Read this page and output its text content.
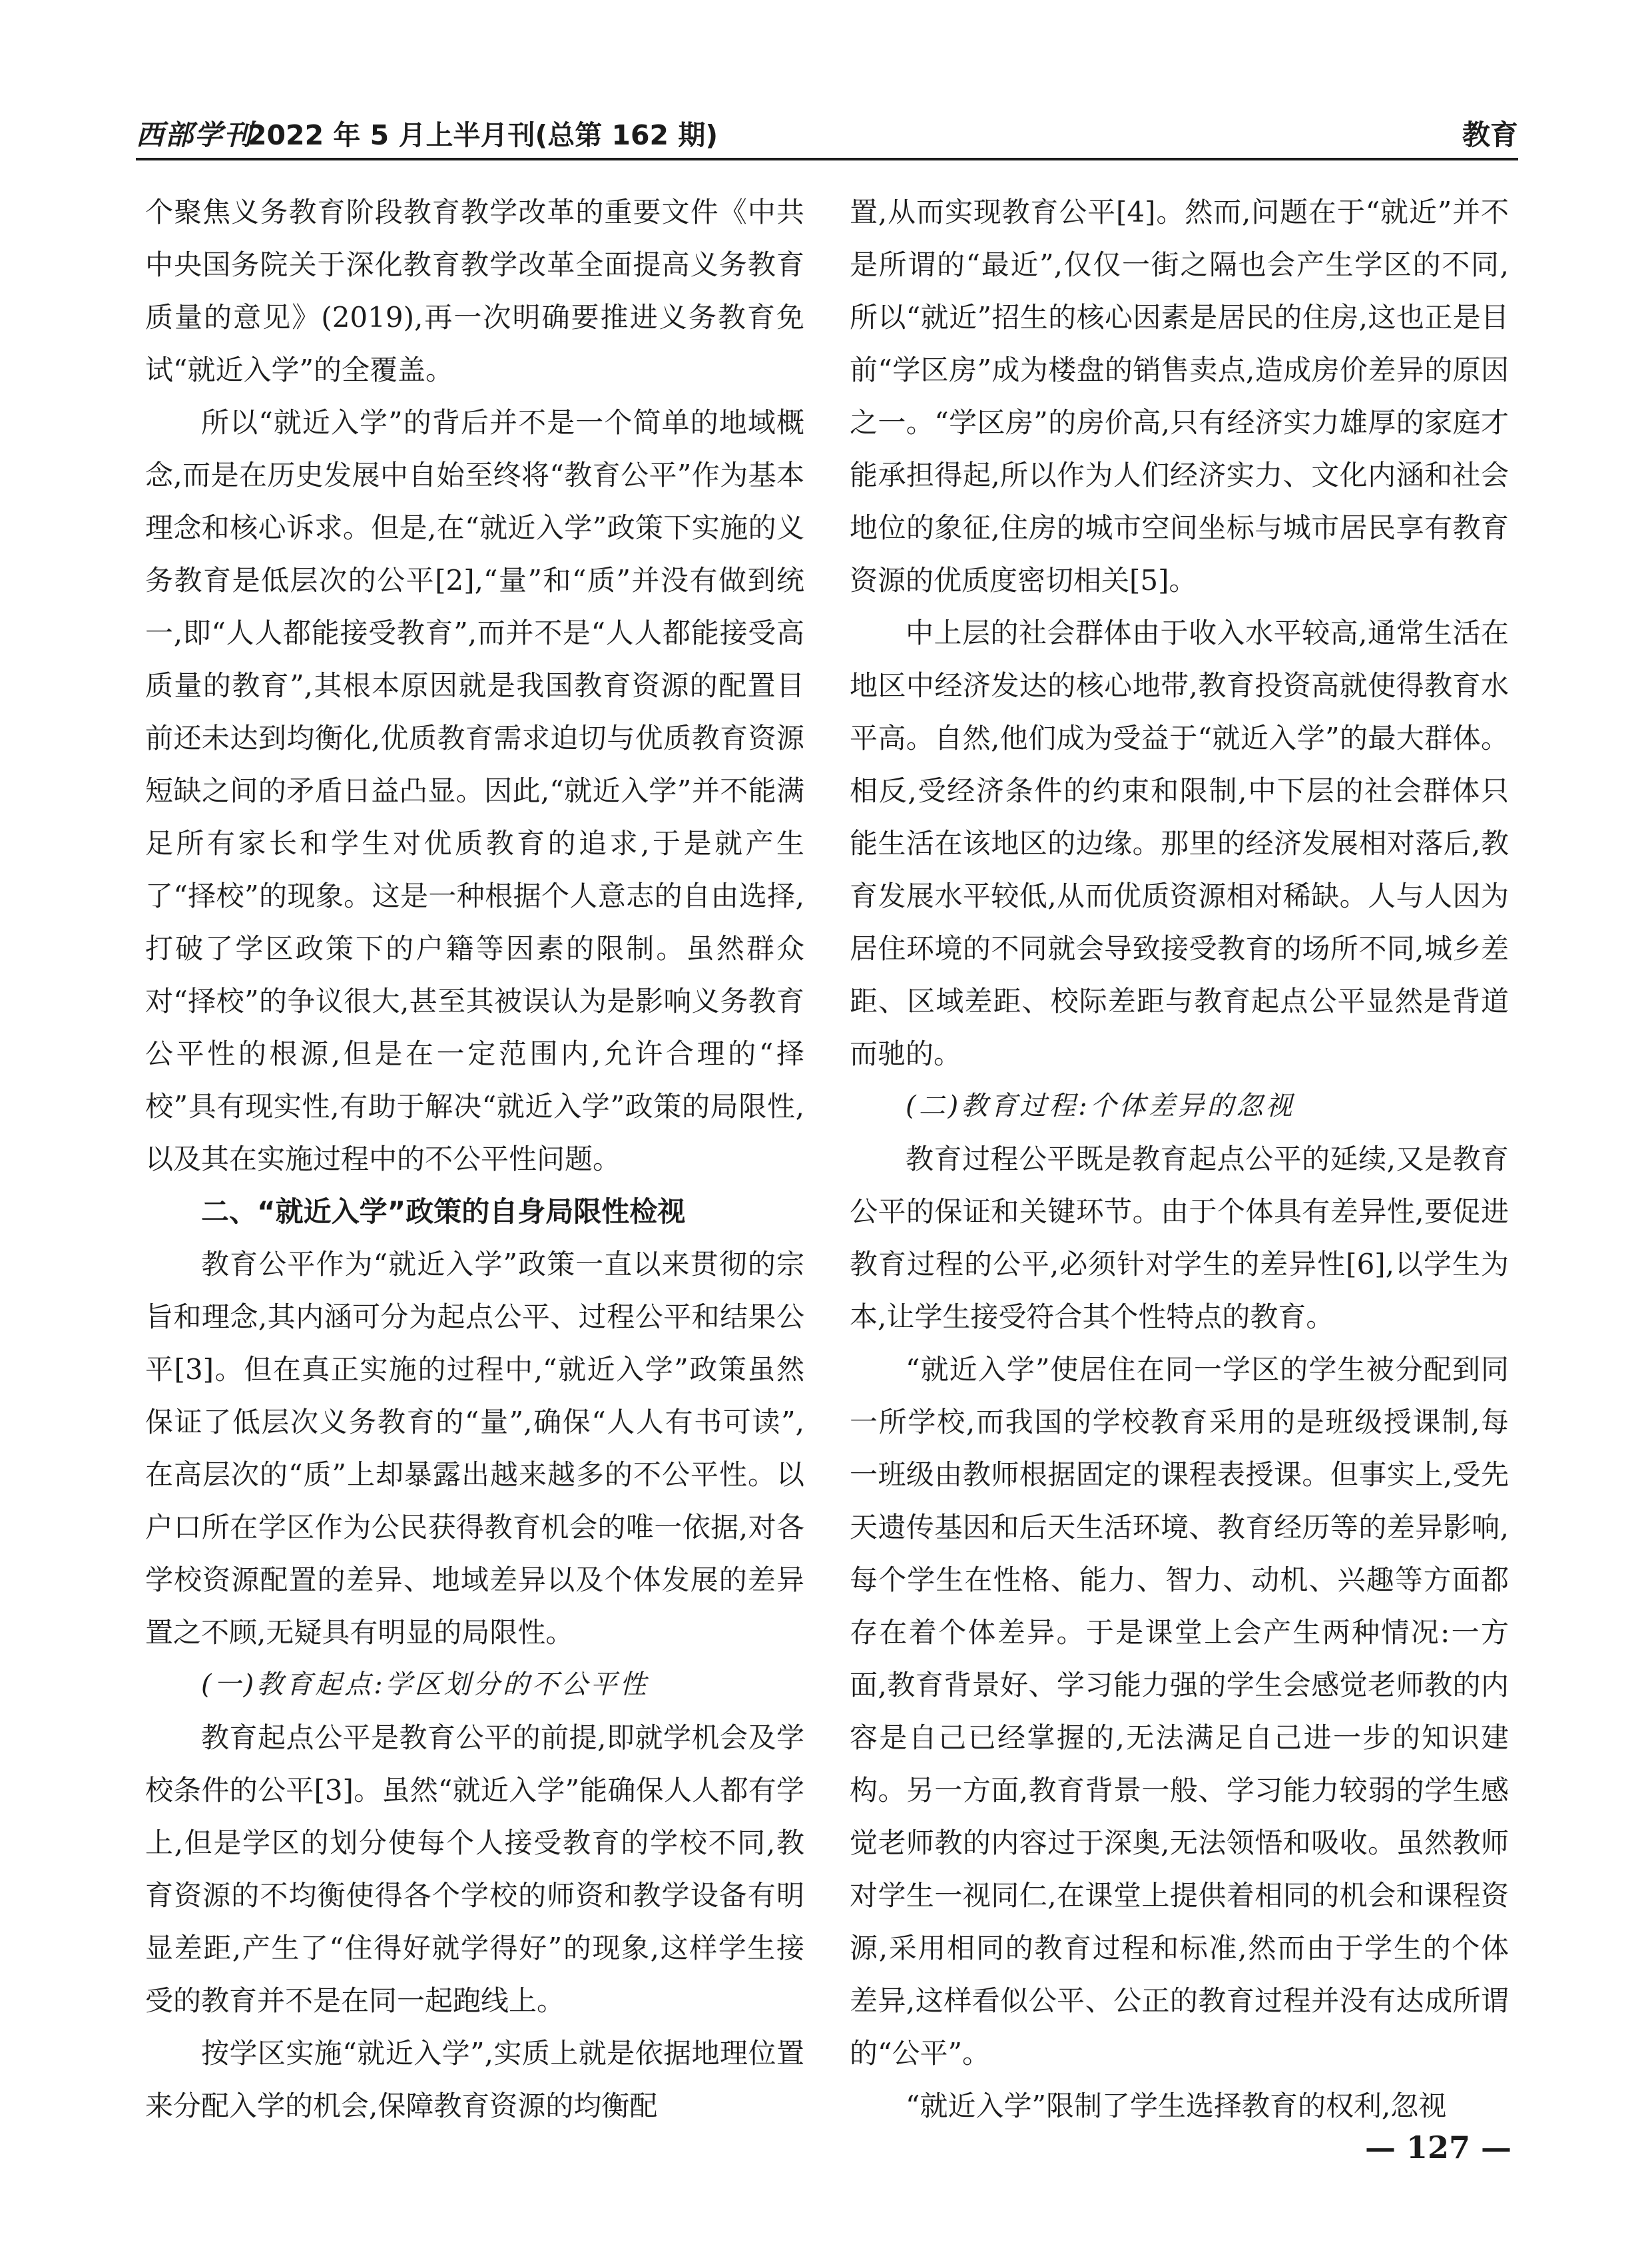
西部学刊
2022 年 5 月上半月刊(总第 162 期)	教育

个聚焦义务教育阶段教育教学改革的重要文件《中共中央国务院关于深化教育教学改革全面提高义务教育质量的意见》(2019),再一次明确要推进义务教育免试“就近入学”的全覆盖。

所以“就近入学”的背后并不是一个简单的地域概念,而是在历史发展中自始至终将“教育公平”作为基本理念和核心诉求。但是,在“就近入学”政策下实施的义务教育是低层次的公平[2],“量”和“质”并没有做到统一,即“人人都能接受教育”,而并不是“人人都能接受高质量的教育”,其根本原因就是我国教育资源的配置目前还未达到均衡化,优质教育需求迫切与优质教育资源短缺之间的矛盾日益凸显。因此,“就近入学”并不能满足所有家长和学生对优质教育的追求,于是就产生了“择校”的现象。这是一种根据个人意志的自由选择,打破了学区政策下的户籍等因素的限制。虽然群众对“择校”的争议很大,甚至其被误认为是影响义务教育公平性的根源,但是在一定范围内,允许合理的“择校”具有现实性,有助于解决“就近入学”政策的局限性,以及其在实施过程中的不公平性问题。

二、“就近入学”政策的自身局限性检视

教育公平作为“就近入学”政策一直以来贯彻的宗旨和理念,其内涵可分为起点公平、过程公平和结果公平[3]。但在真正实施的过程中,“就近入学”政策虽然保证了低层次义务教育的“量”,确保“人人有书可读”,在高层次的“质”上却暴露出越来越多的不公平性。以户口所在学区作为公民获得教育机会的唯一依据,对各学校资源配置的差异、地域差异以及个体发展的差异置之不顾,无疑具有明显的局限性。

(一)教育起点:学区划分的不公平性

教育起点公平是教育公平的前提,即就学机会及学校条件的公平[3]。虽然“就近入学”能确保人人都有学上,但是学区的划分使每个人接受教育的学校不同,教育资源的不均衡使得各个学校的师资和教学设备有明显差距,产生了“住得好就学得好”的现象,这样学生接受的教育并不是在同一起跑线上。

按学区实施“就近入学”,实质上就是依据地理位置来分配入学的机会,保障教育资源的均衡配

置,从而实现教育公平[4]。然而,问题在于“就近”并不是所谓的“最近”,仅仅一街之隔也会产生学区的不同,所以“就近”招生的核心因素是居民的住房,这也正是目前“学区房”成为楼盘的销售卖点,造成房价差异的原因之一。“学区房”的房价高,只有经济实力雄厚的家庭才能承担得起,所以作为人们经济实力、文化内涵和社会地位的象征,住房的城市空间坐标与城市居民享有教育资源的优质度密切相关[5]。

中上层的社会群体由于收入水平较高,通常生活在地区中经济发达的核心地带,教育投资高就使得教育水平高。自然,他们成为受益于“就近入学”的最大群体。相反,受经济条件的约束和限制,中下层的社会群体只能生活在该地区的边缘。那里的经济发展相对落后,教育发展水平较低,从而优质资源相对稀缺。人与人因为居住环境的不同就会导致接受教育的场所不同,城乡差距、区域差距、校际差距与教育起点公平显然是背道而驰的。

(二)教育过程:个体差异的忽视

教育过程公平既是教育起点公平的延续,又是教育公平的保证和关键环节。由于个体具有差异性,要促进教育过程的公平,必须针对学生的差异性[6],以学生为本,让学生接受符合其个性特点的教育。

“就近入学”使居住在同一学区的学生被分配到同一所学校,而我国的学校教育采用的是班级授课制,每一班级由教师根据固定的课程表授课。但事实上,受先天遗传基因和后天生活环境、教育经历等的差异影响,每个学生在性格、能力、智力、动机、兴趣等方面都存在着个体差异。于是课堂上会产生两种情况:一方面,教育背景好、学习能力强的学生会感觉老师教的内容是自己已经掌握的,无法满足自己进一步的知识建构。另一方面,教育背景一般、学习能力较弱的学生感觉老师教的内容过于深奥,无法领悟和吸收。虽然教师对学生一视同仁,在课堂上提供着相同的机会和课程资源,采用相同的教育过程和标准,然而由于学生的个体差异,这样看似公平、公正的教育过程并没有达成所谓的“公平”。

“就近入学”限制了学生选择教育的权利,忽视

— 127 —
